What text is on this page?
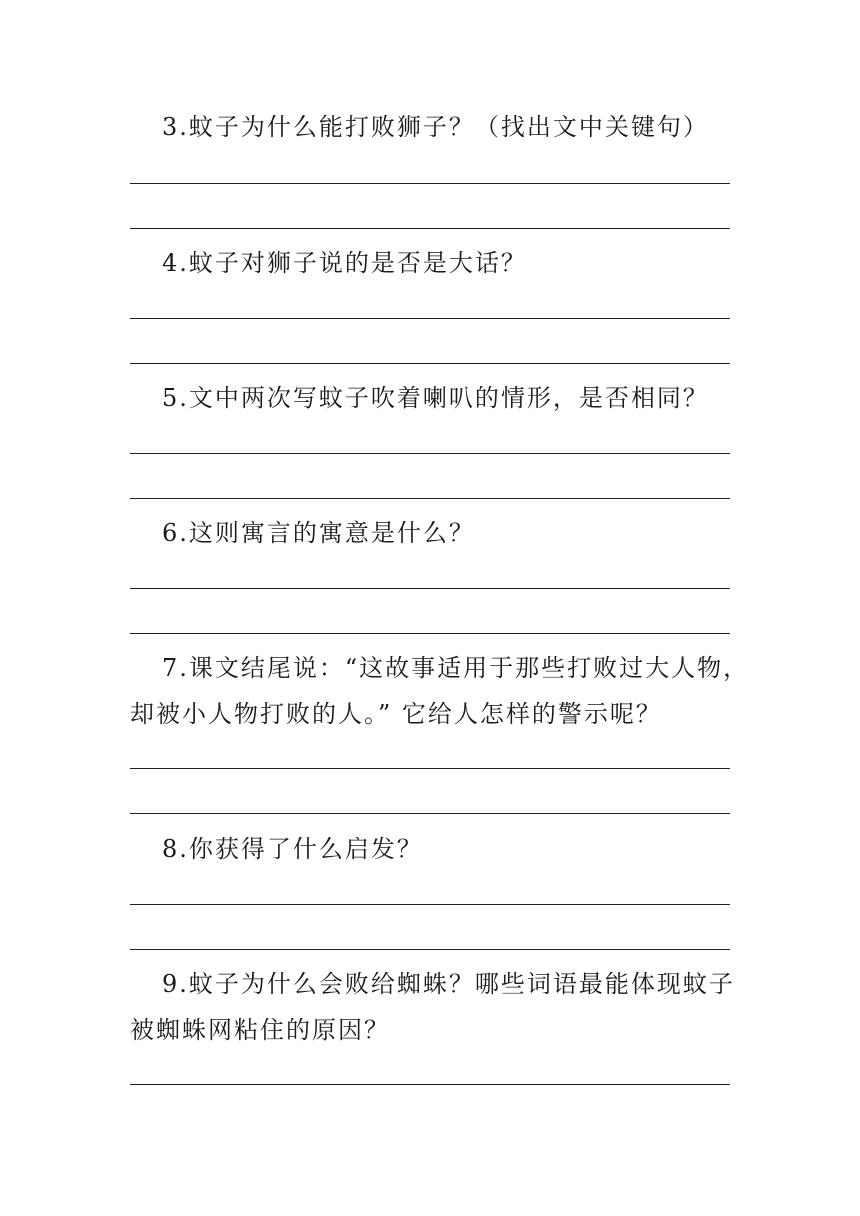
3.蚊子为什么能打败狮子？（找出文中关键句）
4.蚊子对狮子说的是否是大话？
5.文中两次写蚊子吹着喇叭的情形，是否相同？
6.这则寓言的寓意是什么？
7.课文结尾说：“这故事适用于那些打败过大人物，
却被小人物打败的人。” 它给人怎样的警示呢？
8.你获得了什么启发？
9.蚊子为什么会败给蜘蛛？哪些词语最能体现蚊子
被蜘蛛网粘住的原因？
